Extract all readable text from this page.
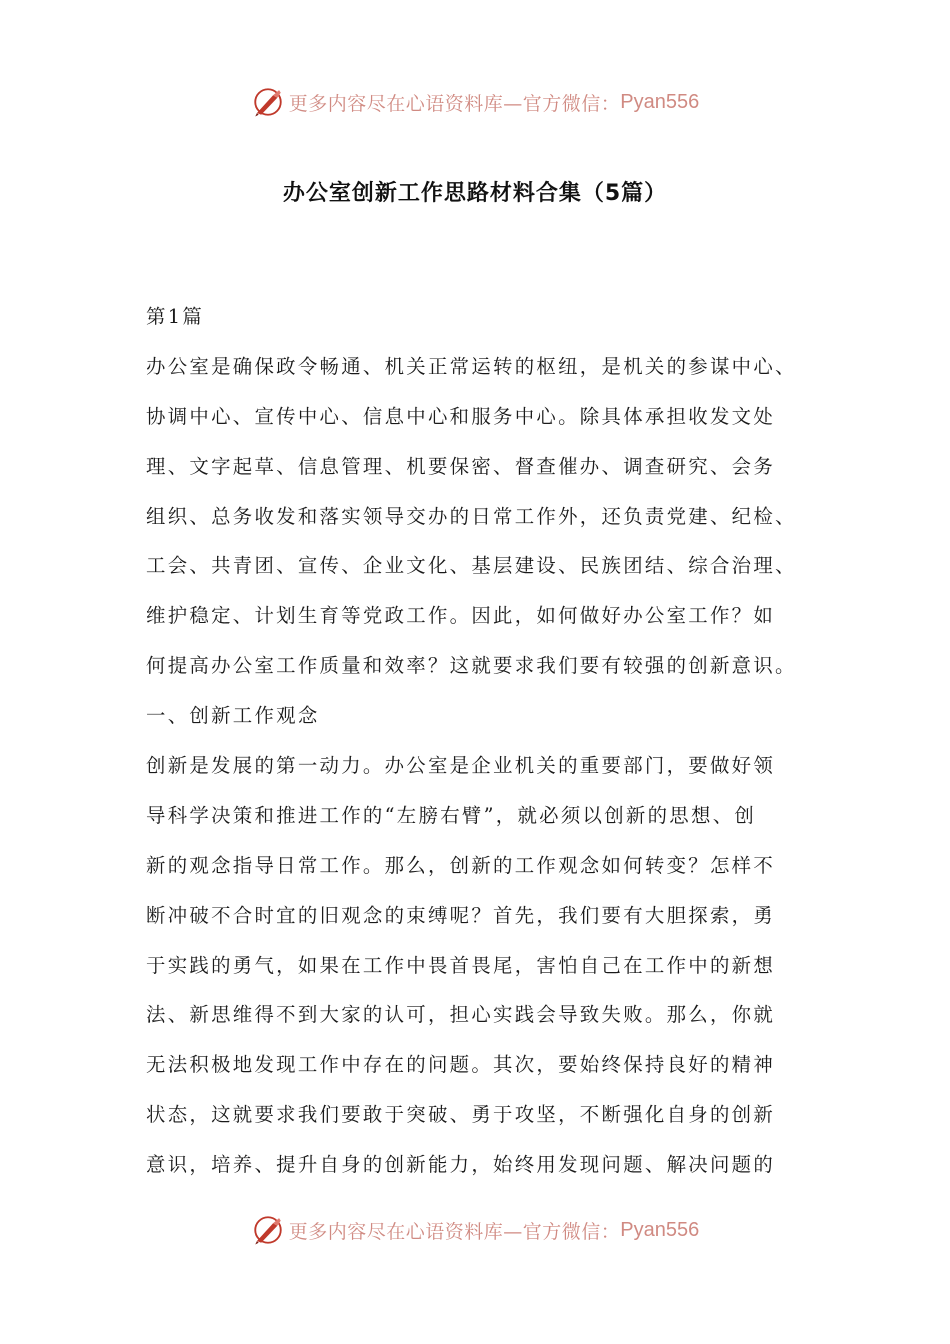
更多内容尽在心语资料库—官方微信： Pyan556
办公室创新工作思路材料合集（5篇）

第1篇

办公室是确保政令畅通、机关正常运转的枢纽，是机关的参谋中心、

协调中心、宣传中心、信息中心和服务中心。除具体承担收发文处

理、文字起草、信息管理、机要保密、督查催办、调查研究、会务

组织、总务收发和落实领导交办的日常工作外，还负责党建、纪检、

工会、共青团、宣传、企业文化、基层建设、民族团结、综合治理、

维护稳定、计划生育等党政工作。因此，如何做好办公室工作？如

何提高办公室工作质量和效率？这就要求我们要有较强的创新意识。

一、创新工作观念

创新是发展的第一动力。办公室是企业机关的重要部门，要做好领

导科学决策和推进工作的“左膀右臂”，就必须以创新的思想、创

新的观念指导日常工作。那么，创新的工作观念如何转变？怎样不

断冲破不合时宜的旧观念的束缚呢？首先，我们要有大胆探索，勇

于实践的勇气，如果在工作中畏首畏尾，害怕自己在工作中的新想

法、新思维得不到大家的认可，担心实践会导致失败。那么，你就

无法积极地发现工作中存在的问题。其次，要始终保持良好的精神

状态，这就要求我们要敢于突破、勇于攻坚，不断强化自身的创新

意识，培养、提升自身的创新能力，始终用发现问题、解决问题的

更多内容尽在心语资料库—官方微信： Pyan556
